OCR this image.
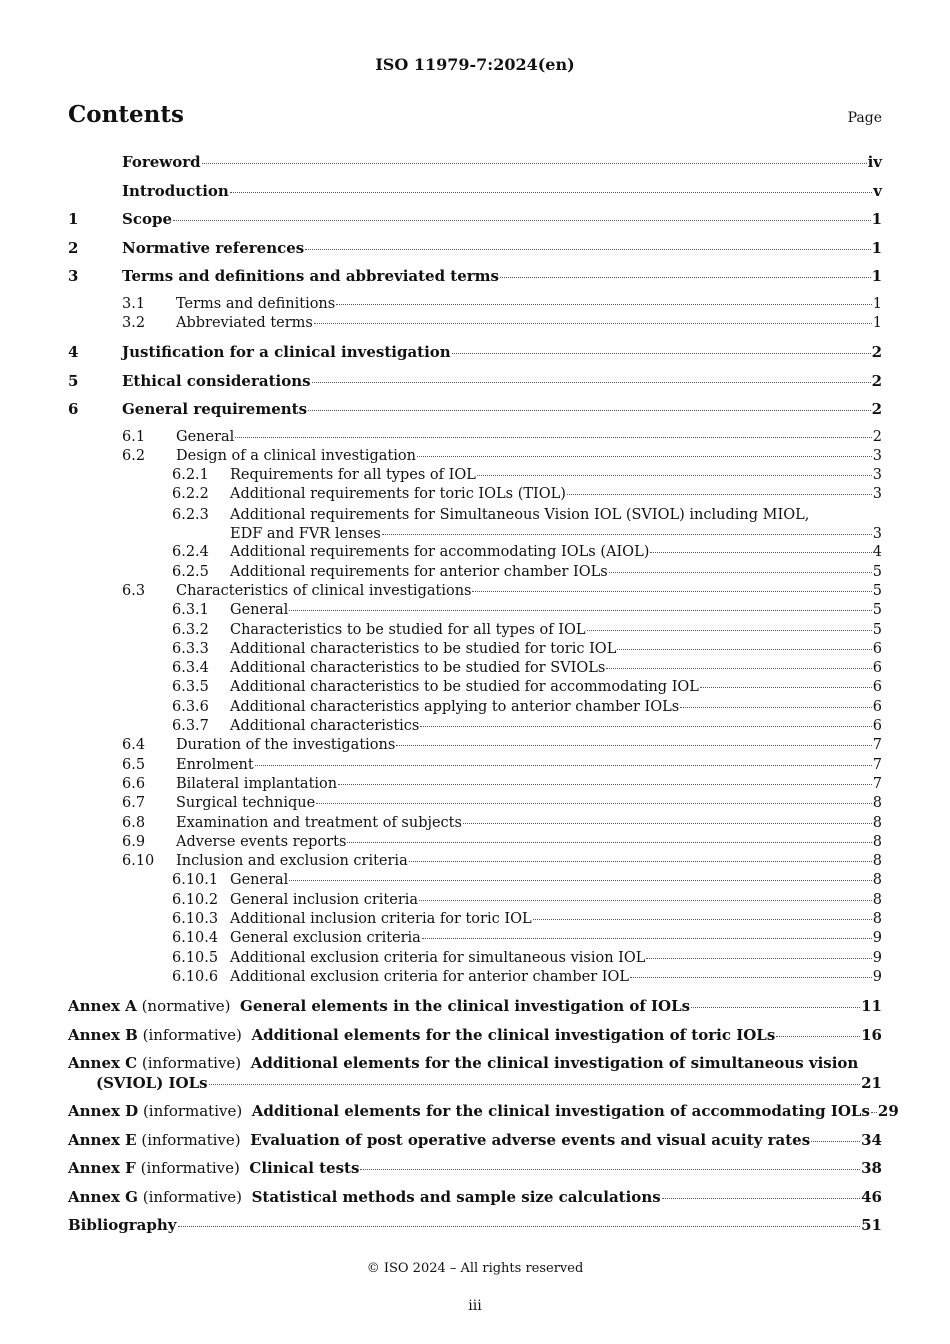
ISO 11979-7:2024(en)
Contents	Page
Foreword	iv
Introduction	v
1	Scope	1
2	Normative references	1
3	Terms and definitions and abbreviated terms	1
3.1	Terms and definitions	1
3.2	Abbreviated terms	1
4	Justification for a clinical investigation	2
5	Ethical considerations	2
6	General requirements	2
6.1	General	2
6.2	Design of a clinical investigation	3
6.2.1	Requirements for all types of IOL	3
6.2.2	Additional requirements for toric IOLs (TIOL)	3
6.2.3	Additional requirements for Simultaneous Vision IOL (SVIOL) including MIOL,
EDF and FVR lenses	3
6.2.4	Additional requirements for accommodating IOLs (AIOL)	4
6.2.5	Additional requirements for anterior chamber IOLs	5
6.3	Characteristics of clinical investigations	5
6.3.1	General	5
6.3.2	Characteristics to be studied for all types of IOL	5
6.3.3	Additional characteristics to be studied for toric IOL	6
6.3.4	Additional characteristics to be studied for SVIOLs	6
6.3.5	Additional characteristics to be studied for accommodating IOL	6
6.3.6	Additional characteristics applying to anterior chamber IOLs	6
6.3.7	Additional characteristics	6
6.4	Duration of the investigations	7
6.5	Enrolment	7
6.6	Bilateral implantation	7
6.7	Surgical technique	8
6.8	Examination and treatment of subjects	8
6.9	Adverse events reports	8
6.10	Inclusion and exclusion criteria	8
6.10.1 General	8
6.10.2 General inclusion criteria	8
6.10.3 Additional inclusion criteria for toric IOL	8
6.10.4 General exclusion criteria	9
6.10.5 Additional exclusion criteria for simultaneous vision IOL	9
6.10.6 Additional exclusion criteria for anterior chamber IOL	9
Annex A (normative) General elements in the clinical investigation of IOLs	11
Annex B (informative) Additional elements for the clinical investigation of toric IOLs	16
Annex C (informative) Additional elements for the clinical investigation of simultaneous vision
(SVIOL) IOLs	21
Annex D (informative) Additional elements for the clinical investigation of accommodating IOLs 29
Annex E (informative) Evaluation of post operative adverse events and visual acuity rates	34
Annex F (informative) Clinical tests	38
Annex G (informative) Statistical methods and sample size calculations	46
Bibliography	51
© ISO 2024 – All rights reserved
iii
